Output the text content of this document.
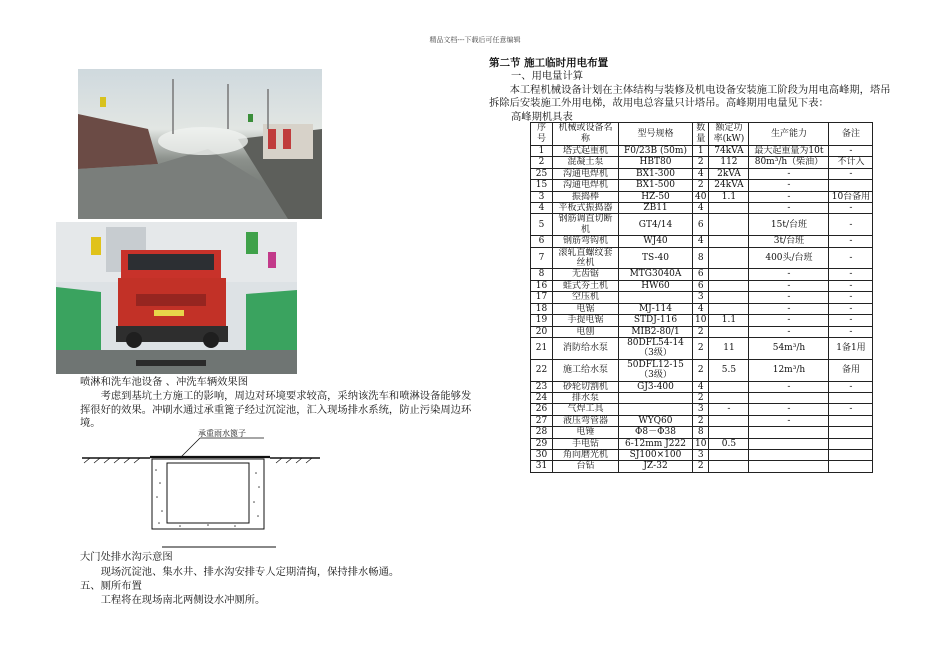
精品文档---下载后可任意编辑
喷淋和洗车池设备 、冲洗车辆效果图
考虑到基坑土方施工的影响，周边对环境要求较高，采纳该洗车和喷淋设备能够发挥很好的效果。冲刷水通过承重篦子经过沉淀池，汇入现场排水系统，防止污染周边环境。
承重雨水篦子
大门处排水沟示意图
现场沉淀池、集水井、排水沟安排专人定期清掏，保持排水畅通。
五、厕所布置
工程将在现场南北两侧设水冲厕所。
第二节 施工临时用电布置
一、用电量计算
本工程机械设备计划在主体结构与装修及机电设备安装施工阶段为用电高峰期，塔吊拆除后安装施工外用电梯，故用电总容量只计塔吊。高峰期用电量见下表：
高峰期机具表
序号	机械或设备名称	型号规格	数量	额定功率(kW)	生产能力	备注
1	塔式起重机	F0/23B (50m)	1	74kVA	最大起重量为10t	-
2	混凝土泵	HBT80	2	112	80m³/h（柴油）	不计入
25	沟通电焊机	BX1-300	4	2kVA	-	-
15	沟通电焊机	BX1-500	2	24kVA	-	
3	振捣棒	HZ-50	40	1.1	-	10台备用
4	平板式振捣器	ZB11	4		-	-
5	钢筋调直切断机	GT4/14	6		15t/台班	-
6	钢筋弯钩机	WJ40	4		3t/台班	-
7	滚轧直螺纹套丝机	TS-40	8		400头/台班	-
8	无齿锯	MTG3040A	6		-	-
16	蛙式夯土机	HW60	6		-	-
17	空压机		3		-	-
18	电锯	MJ-114	4		-	-
19	手提电锯	STDJ-116	10	1.1	-	-
20	电刨	MIB2-80/1	2		-	-
21	消防给水泵	80DFL54-14（3级）	2	11	54m³/h	1备1用
22	施工给水泵	50DFL12-15（3级）	2	5.5	12m³/h	备用
23	砂轮切割机	GJ3-400	4		-	-
24	排水泵		2			
26	气焊工具		3	-	-	-
27	液压弯管器	WYQ60	2		-	
28	电锤	Φ8－Φ38	8			
29	手电钻	6-12mm J222	10	0.5		
30	角向磨光机	SJ100×100	3			
31	台钻	JZ-32	2			
